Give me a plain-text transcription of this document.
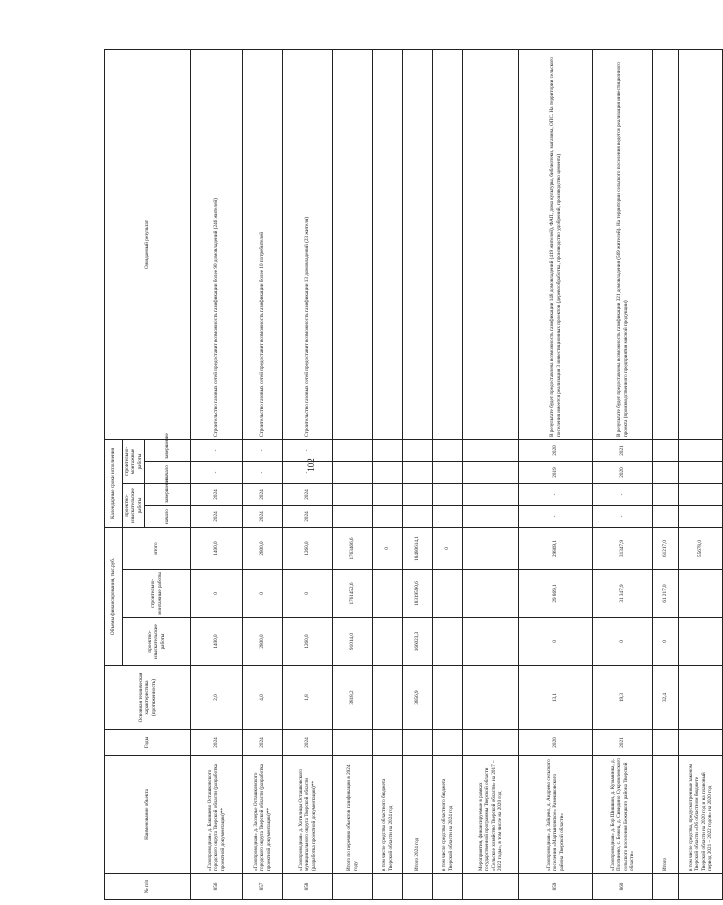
102
№ п/п	Наименование объекта	Годы	Основная техническая характеристика (протяженность)	Объемы финансирования, тыс.руб.			Календарные сроки исполнения				Ожидаемый результат
				проектно-изыскательские работы	строительно-монтажные работы	итого	проектно-изыскательские работы		строительно-монтажные работы		
							начало	завершение	начало	завершение	
856	«Газопроводная» д. Бакишево Осташковского городского округа Тверской области (разработка проектной документации)**	2024	2,0	1400,0	0	1400,0	2024	2024	-	-	Строительство газовых сетей предоставит возможность газификации более 90 домовладений (246 жителей)
857	«Газопроводная» д. Заозерье Осташковского городского округа Тверской области (разработка проектной документации)**	2024	4,0	2800,0	0	2800,0	2024	2024	-	-	Строительство газовых сетей предоставит возможность газификации более 10 потребителей
858	«Газопроводная» д. Хотилицы Осташковского муниципального округа Тверской области (разработка проектной документации)**	2024	1,8	1260,0	0	1260,0	2024	2024	-	-	Строительство газовых сетей предоставит возможность газификации 13 домовладений (23 жителя)
	Итого по перечню объектов газификации в 2024 году		3818,2	91014,0	1761452,6	1763466,6					
	в том числе средства областного бюджета Тверской области на 2024 год					0					
	Итого 2024 год		3856,9	166023,3	18319590,6	18480614,1					
	в том числе средства областного бюджета Тверской области на 2024 год					0					
	Мероприятия, финансируемые в рамках государственной программы Тверской области «Сельское хозяйство Тверской области» на 2017 – 2022 годы», в том числе на 2020 год										
859	«Газопроводная» д. Зайцево, д. Андрево сельского поселения «Мартыновское» Рамешковского района Тверской области»	2020	13,1	0	29 869,1	29869,1	-	-	2019	2020	В результате будет предоставлена возможность газификации 148 домовладений (419 жителей), ФАП, дома культуры, библиотеки, магазина, ОПС. На территории сельского поселения имеется реализация 3 инвестиционных проектов (деревообработка, производство удобрений, производство цемента)
860	«Газопроводная» д. Бор Шишкин, д. Кузьминка, д. Плотинево, с. Бежец, д. Сивидино Сукромленского сельского поселения Бежецкого района Тверской области»	2021	19,3	0	31 347,9	31347,9	-	-	2020	2021	В результате будет предоставлена возможность газификации 321 домовладения (569 жителей). На территории сельского поселения ведется реализация инвестиционного проекта (производственного предприятия мясной продукции)
	Итого		32,4	0	61 217,0	61217,0					
	в том числе средства, предусмотренные законом Тверской области «Об областном бюджете Тверской области на 2020 год и на плановый период 2021 – 2022 годов» на 2020 год					55678,0					
